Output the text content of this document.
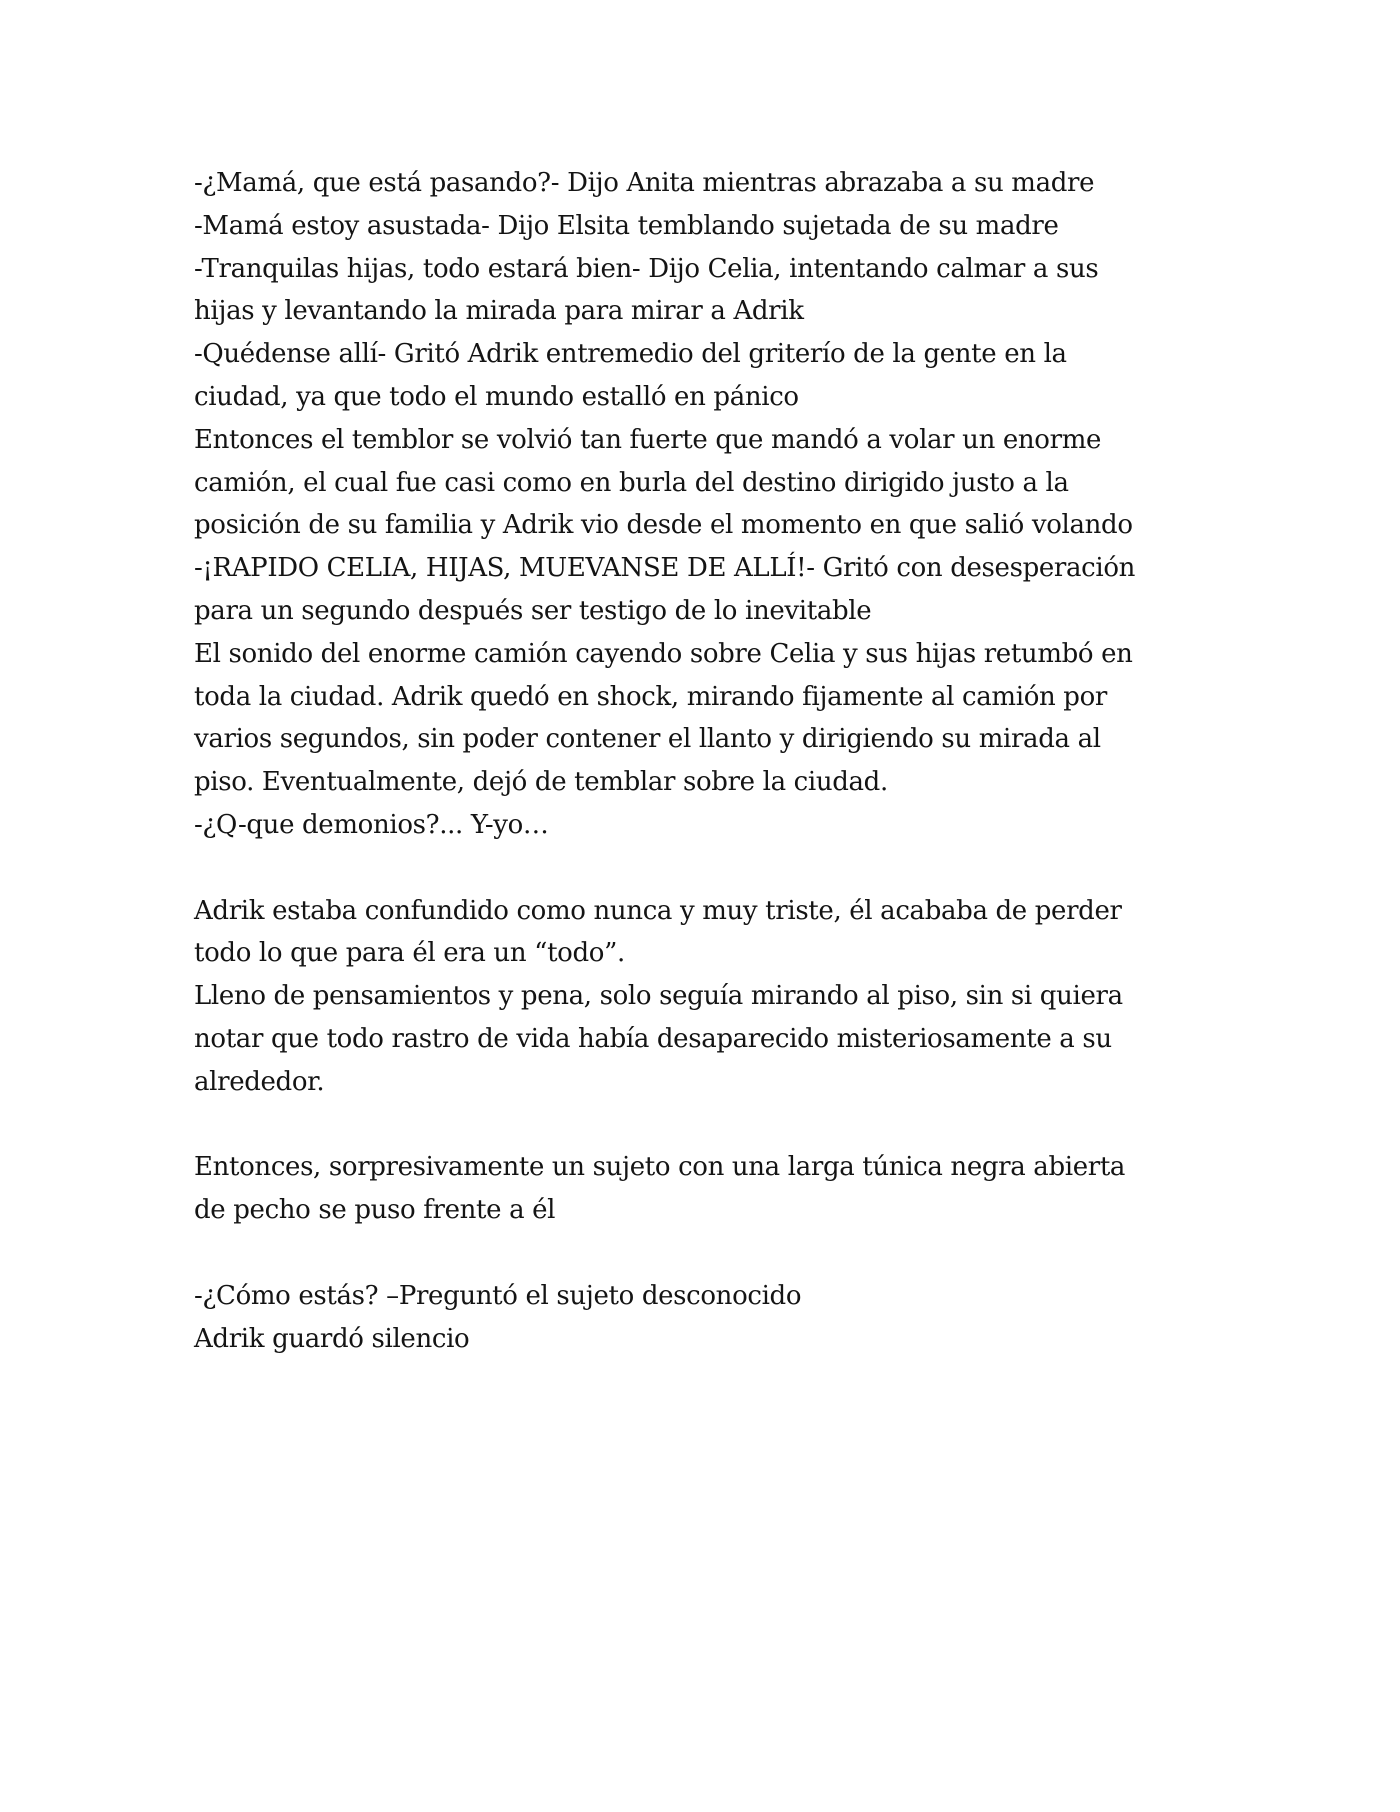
-¿Mamá, que está pasando?- Dijo Anita mientras abrazaba a su madre
-Mamá estoy asustada- Dijo Elsita temblando sujetada de su madre
-Tranquilas hijas, todo estará bien- Dijo Celia, intentando calmar a sus
hijas y levantando la mirada para mirar a Adrik
-Quédense allí- Gritó Adrik entremedio del griterío de la gente en la
ciudad, ya que todo el mundo estalló en pánico
Entonces el temblor se volvió tan fuerte que mandó a volar un enorme
camión, el cual fue casi como en burla del destino dirigido justo a la
posición de su familia y Adrik vio desde el momento en que salió volando
-¡RAPIDO CELIA, HIJAS, MUEVANSE DE ALLÍ!- Gritó con desesperación
para un segundo después ser testigo de lo inevitable
El sonido del enorme camión cayendo sobre Celia y sus hijas retumbó en
toda la ciudad. Adrik quedó en shock, mirando fijamente al camión por
varios segundos, sin poder contener el llanto y dirigiendo su mirada al
piso. Eventualmente, dejó de temblar sobre la ciudad.
-¿Q-que demonios?... Y-yo…
Adrik estaba confundido como nunca y muy triste, él acababa de perder
todo lo que para él era un “todo”.
Lleno de pensamientos y pena, solo seguía mirando al piso, sin si quiera
notar que todo rastro de vida había desaparecido misteriosamente a su
alrededor.
Entonces, sorpresivamente un sujeto con una larga túnica negra abierta
de pecho se puso frente a él
-¿Cómo estás? –Preguntó el sujeto desconocido
Adrik guardó silencio
